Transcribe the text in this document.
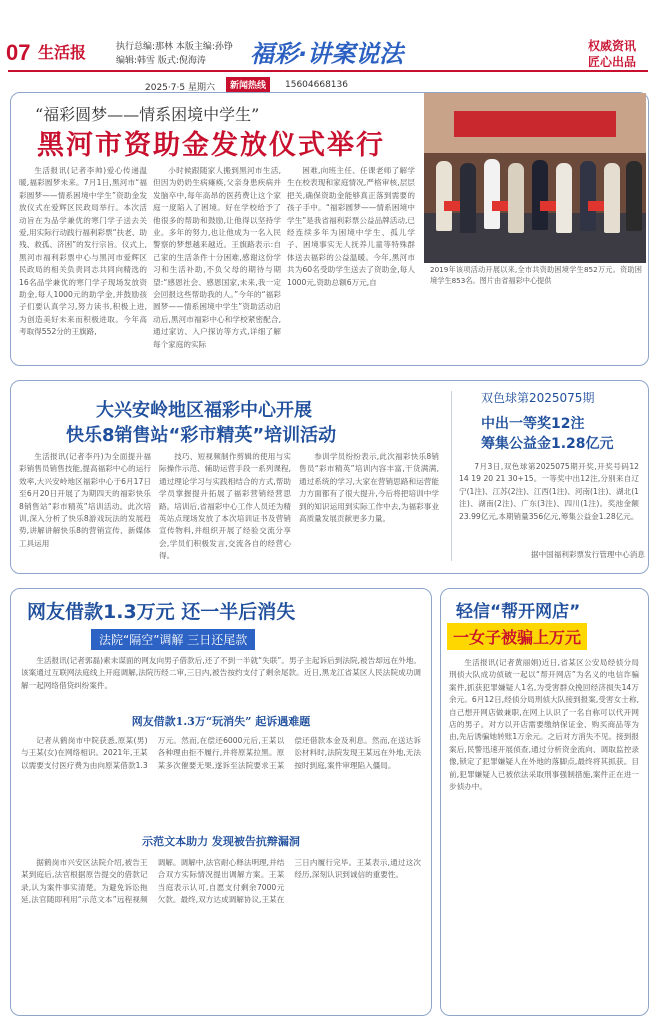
07 生活报	执行总编:那林 本版主编:孙铮
编辑:韩雪 版式:倪海涛	福彩·讲案说法	权威资讯
匠心出品
2025·7·5 星期六	新闻热线	15604668136
“福彩圆梦——情系困境中学生”
黑河市资助金发放仪式举行

生活报讯(记者李帅)爱心传递温暖,福彩圆梦未来。7月1日,黑河市“福彩圆梦——情系困境中学生”资助金发放仪式在爱辉区民政局举行。本次活动旨在为品学兼优的寒门学子送去关爱,用实际行动践行福利彩票“扶老、助残、救孤、济困”的发行宗旨。仪式上,黑河市福利彩票中心与黑河市爱辉区民政局的相关负责同志共同向精选的16名品学兼优的寒门学子现场发放资助金,每人1000元的助学金,并鼓励孩子们要认真学习,努力读书,积极上进,为创造美好未来而积极进取。今年高考取得552分的王旗路,

小时候跟随家人搬到黑河市生活,但因为奶奶生病瘫痪,父亲身患疾病并发脑卒中,每年高昂的医药费让这个家庭一度陷入了困境。好在学校给予了他很多的帮助和鼓励,让他得以坚持学业。多年的努力,也让他成为一名入民警察的梦想越来越近。王旗路表示:自己家的生活条件十分困难,感谢这份学习和生活补助,不负父母的期待与期望:“感恩社会、感恩国家,未来,我一定会回报这些帮助我的人。”今年的“福彩圆梦——情系困境中学生”资助活动启动后,黑河市福彩中心和学校紧密配合,通过家访、入户探访等方式,详细了解每个家庭的实际

困难,向班主任、任课老师了解学生在校表现和家庭情况,严格审核,层层把关,确保资助金能够真正落到需要的孩子手中。“福彩圆梦——情系困境中学生”是我省福利彩票公益品牌活动,已经连续多年为困境中学生、孤儿学子、困境事实无人抚养儿童等特殊群体送去福彩的公益温暖。今年,黑河市共为60名受助学生送去了资助金,每人1000元,资助总额6万元,自

2019年该项活动开展以来,全市共资助困境学生852万元。资助困境学生853名。图片由省福彩中心提供
大兴安岭地区福彩中心开展
快乐8销售站“彩市精英”培训活动

生活报讯(记者李丹)为全面提升福彩销售员销售技能,提高福彩中心的运行效率,大兴安岭地区福彩中心于6月17日至6月20日开展了为期四天的福彩快乐8销售站“彩市精英”培训活动。此次培训,深入分析了快乐8游戏玩法的发展趋势,讲解讲解快乐8的营销宣传、新媒体工具运用

技巧、短视频制作剪辑的使用与实际操作示范、辅助运营手段一系列课程,通过理论学习与实践相结合的方式,帮助学员掌握提升拓展了福彩营销经营思路。培训后,省福彩中心工作人员还为精英站点现场发放了本次培训证书及营销宣传物料,并组织开展了经验交流分享会,学员们积极发言,交流各自的经营心得。

参训学员纷纷表示,此次福彩快乐8销售员“彩市精英”培训内容丰富,干货满满,通过系统的学习,大家在营销思路和运营能力方面都有了很大提升,今后将把培训中学到的知识运用到实际工作中去,为福彩事业高质量发展贡献更多力量。

双色球第2025075期
中出一等奖12注
筹集公益金1.28亿元

7月3日,双色球第2025075期开奖,开奖号码12 14 19 20 21 30+15。一等奖中出12注,分别来自辽宁(1注)、江苏(2注)、江西(1注)、河南(1注)、湖北(1注)、湖南(2注)、广东(3注)、四川(1注)。奖池金额23.99亿元,本期销量356亿元,筹集公益金1.28亿元。

据中国福利彩票发行管理中心消息
网友借款1.3万元 还一半后消失
法院“隔空”调解 三日还尾款

生活报讯(记者郭磊)素未谋面的网友向男子借款后,还了不到一半就“失联”。男子主起诉后到法院,被告却远在外地。该案通过互联网法庭线上开庭调解,法院历经二审,三日内,被告按约支付了剩余尾款。近日,黑龙江省某区人民法院成功调解一起网络借贷纠纷案件。

网友借款1.3万“玩消失” 起诉遇难题

记者从鹤岗市中院获悉,原某(男)与王某(女)在网络相识。2021年,王某以需要支付医疗费为由向原某借款1.3万元。然而,在偿还6000元后,王某以各种理由拒不履行,并将原某拉黑。原某多次催要无果,遂诉至法院要求王某偿还借款本金及利息。然而,在送达诉讼材料时,法院发现王某远在外地,无法按时到庭,案件审理陷入僵局。

示范文本助力 发现被告抗辩漏洞

据鹤岗市兴安区法院介绍,被告王某到庭后,法官根据原告提交的借款记录,认为案件事实清楚。为避免诉讼拖延,法官随即利用“示范文本”远程视频调解。调解中,法官耐心释法明理,并结合双方实际情况提出调解方案。王某当庭表示认可,自愿支付剩余7000元欠款。最终,双方达成调解协议,王某在三日内履行完毕。王某表示,通过这次经历,深刻认识到诚信的重要性。

轻信“帮开网店”
一女子被骗上万元

生活报讯(记者黄丽娟)近日,省某区公安局经侦分局刑侦大队成功侦破一起以“帮开网店”为名义的电信诈骗案件,抓获犯罪嫌疑人1名,为受害群众挽回经济损失14万余元。6月12日,经侦分局刑侦大队接到报案,受害女士称,自己想开网店做兼职,在网上认识了一名自称可以代开网店的男子。对方以开店需要缴纳保证金、购买商品等为由,先后诱骗她转账1万余元。之后对方消失不见。接到报案后,民警迅速开展侦查,通过分析资金流向、调取监控录像,锁定了犯罪嫌疑人在外地的落脚点,最终将其抓获。目前,犯罪嫌疑人已被依法采取刑事强制措施,案件正在进一步侦办中。
